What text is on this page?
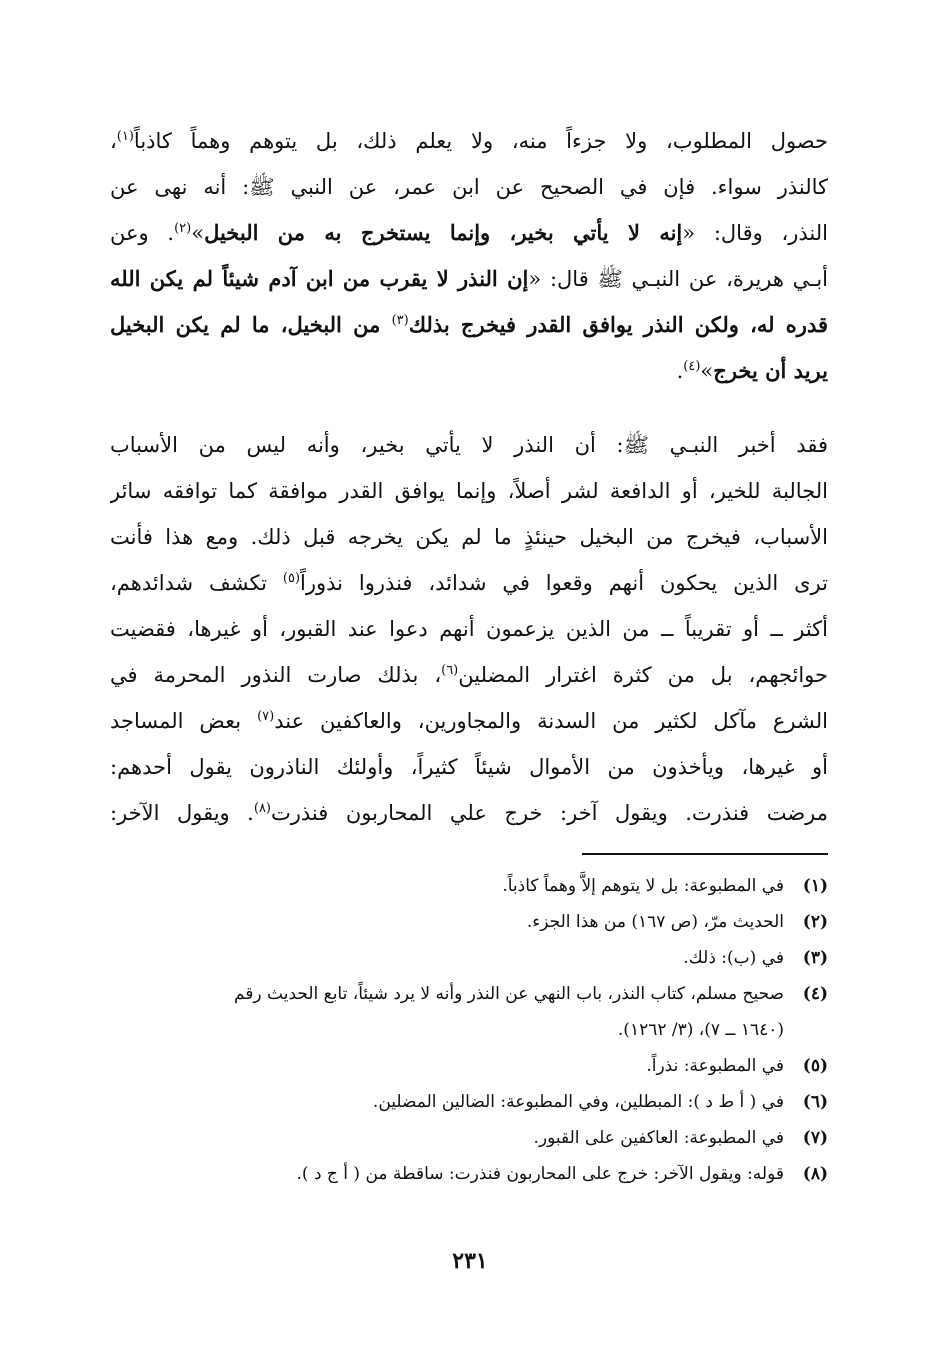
حصول المطلوب، ولا جزءاً منه، ولا يعلم ذلك، بل يتوهم وهماً كاذباً$^{(١)}$،
كالنذر سواء. فإن في الصحيح عن ابن عمر، عن النبي ﷺ: أنه نهى عن
النذر، وقال: «إنه لا يأتي بخير، وإنما يستخرج به من البخيل»$^{(٢)}$. وعن
أبـي هريرة، عن النبـي ﷺ قال: «إن النذر لا يقرب من ابن آدم شيئاً لم يكن الله
قدره له، ولكن النذر يوافق القدر فيخرج بذلك$^{(٣)}$ من البخيل، ما لم يكن البخيل
يريد أن يخرج»$^{(٤)}$.
فقد أخبر النبـي ﷺ: أن النذر لا يأتي بخير، وأنه ليس من الأسباب
الجالبة للخير، أو الدافعة لشر أصلاً، وإنما يوافق القدر موافقة كما توافقه سائر
الأسباب، فيخرج من البخيل حينئذٍ ما لم يكن يخرجه قبل ذلك. ومع هذا فأنت
ترى الذين يحكون أنهم وقعوا في شدائد، فنذروا نذوراً$^{(٥)}$ تكشف شدائدهم،
أكثر ــ أو تقريباً ــ من الذين يزعمون أنهم دعوا عند القبور، أو غيرها، فقضيت
حوائجهم، بل من كثرة اغترار المضلين$^{(٦)}$، بذلك صارت النذور المحرمة في
الشرع مآكل لكثير من السدنة والمجاورين، والعاكفين عند$^{(٧)}$ بعض المساجد
أو غيرها، ويأخذون من الأموال شيئاً كثيراً، وأولئك الناذرون يقول أحدهم:
مرضت فنذرت. ويقول آخر: خرج علي المحاربون فنذرت$^{(٨)}$. ويقول الآخر:
(١)
في المطبوعة: بل لا يتوهم إلاَّ وهماً كاذباً.
(٢)
الحديث مرّ، (ص ١٦٧) من هذا الجزء.
(٣)
في (ب): ذلك.
(٤)
صحيح مسلم، كتاب النذر، باب النهي عن النذر وأنه لا يرد شيئاً، تابع الحديث رقم
(١٦٤٠ ــ ٧)، (٣/ ١٢٦٢).
(٥)
في المطبوعة: نذراً.
(٦)
في ( أ ط د ): المبطلين، وفي المطبوعة: الضالين المضلين.
(٧)
في المطبوعة: العاكفين على القبور.
(٨)
قوله: ويقول الآخر: خرج على المحاربون فنذرت: ساقطة من ( أ ج د ).
٢٣١
